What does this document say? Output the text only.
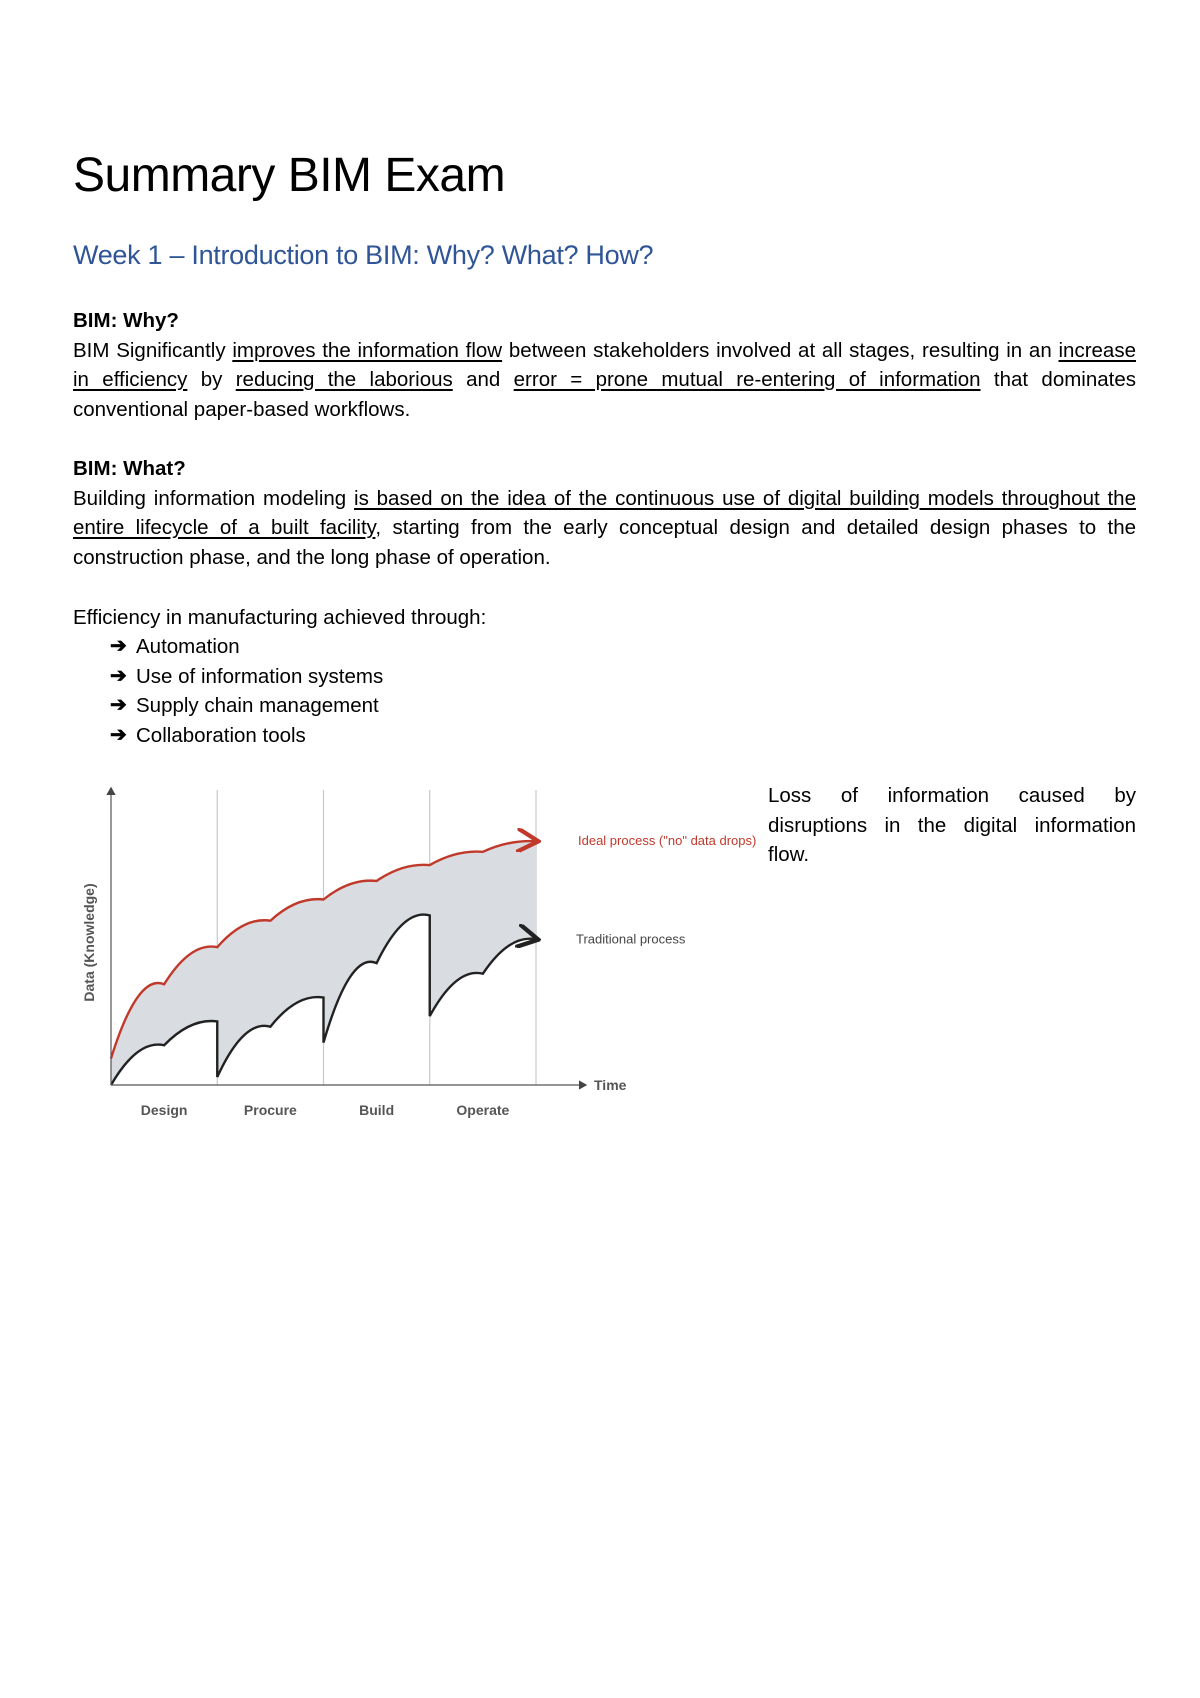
Summary BIM Exam
Week 1 – Introduction to BIM: Why? What? How?
BIM: Why?
BIM Significantly improves the information flow between stakeholders involved at all stages, resulting in an increase in efficiency by reducing the laborious and error = prone mutual re-entering of information that dominates conventional paper-based workflows.
BIM: What?
Building information modeling is based on the idea of the continuous use of digital building models throughout the entire lifecycle of a built facility, starting from the early conceptual design and detailed design phases to the construction phase, and the long phase of operation.
Efficiency in manufacturing achieved through:
➔ Automation
➔ Use of information systems
➔ Supply chain management
➔ Collaboration tools
Loss of information caused by disruptions in the digital information flow.
Data (Knowledge)
Time
Design	Procure	Build	Operate
Ideal process ("no" data drops)
Traditional process
